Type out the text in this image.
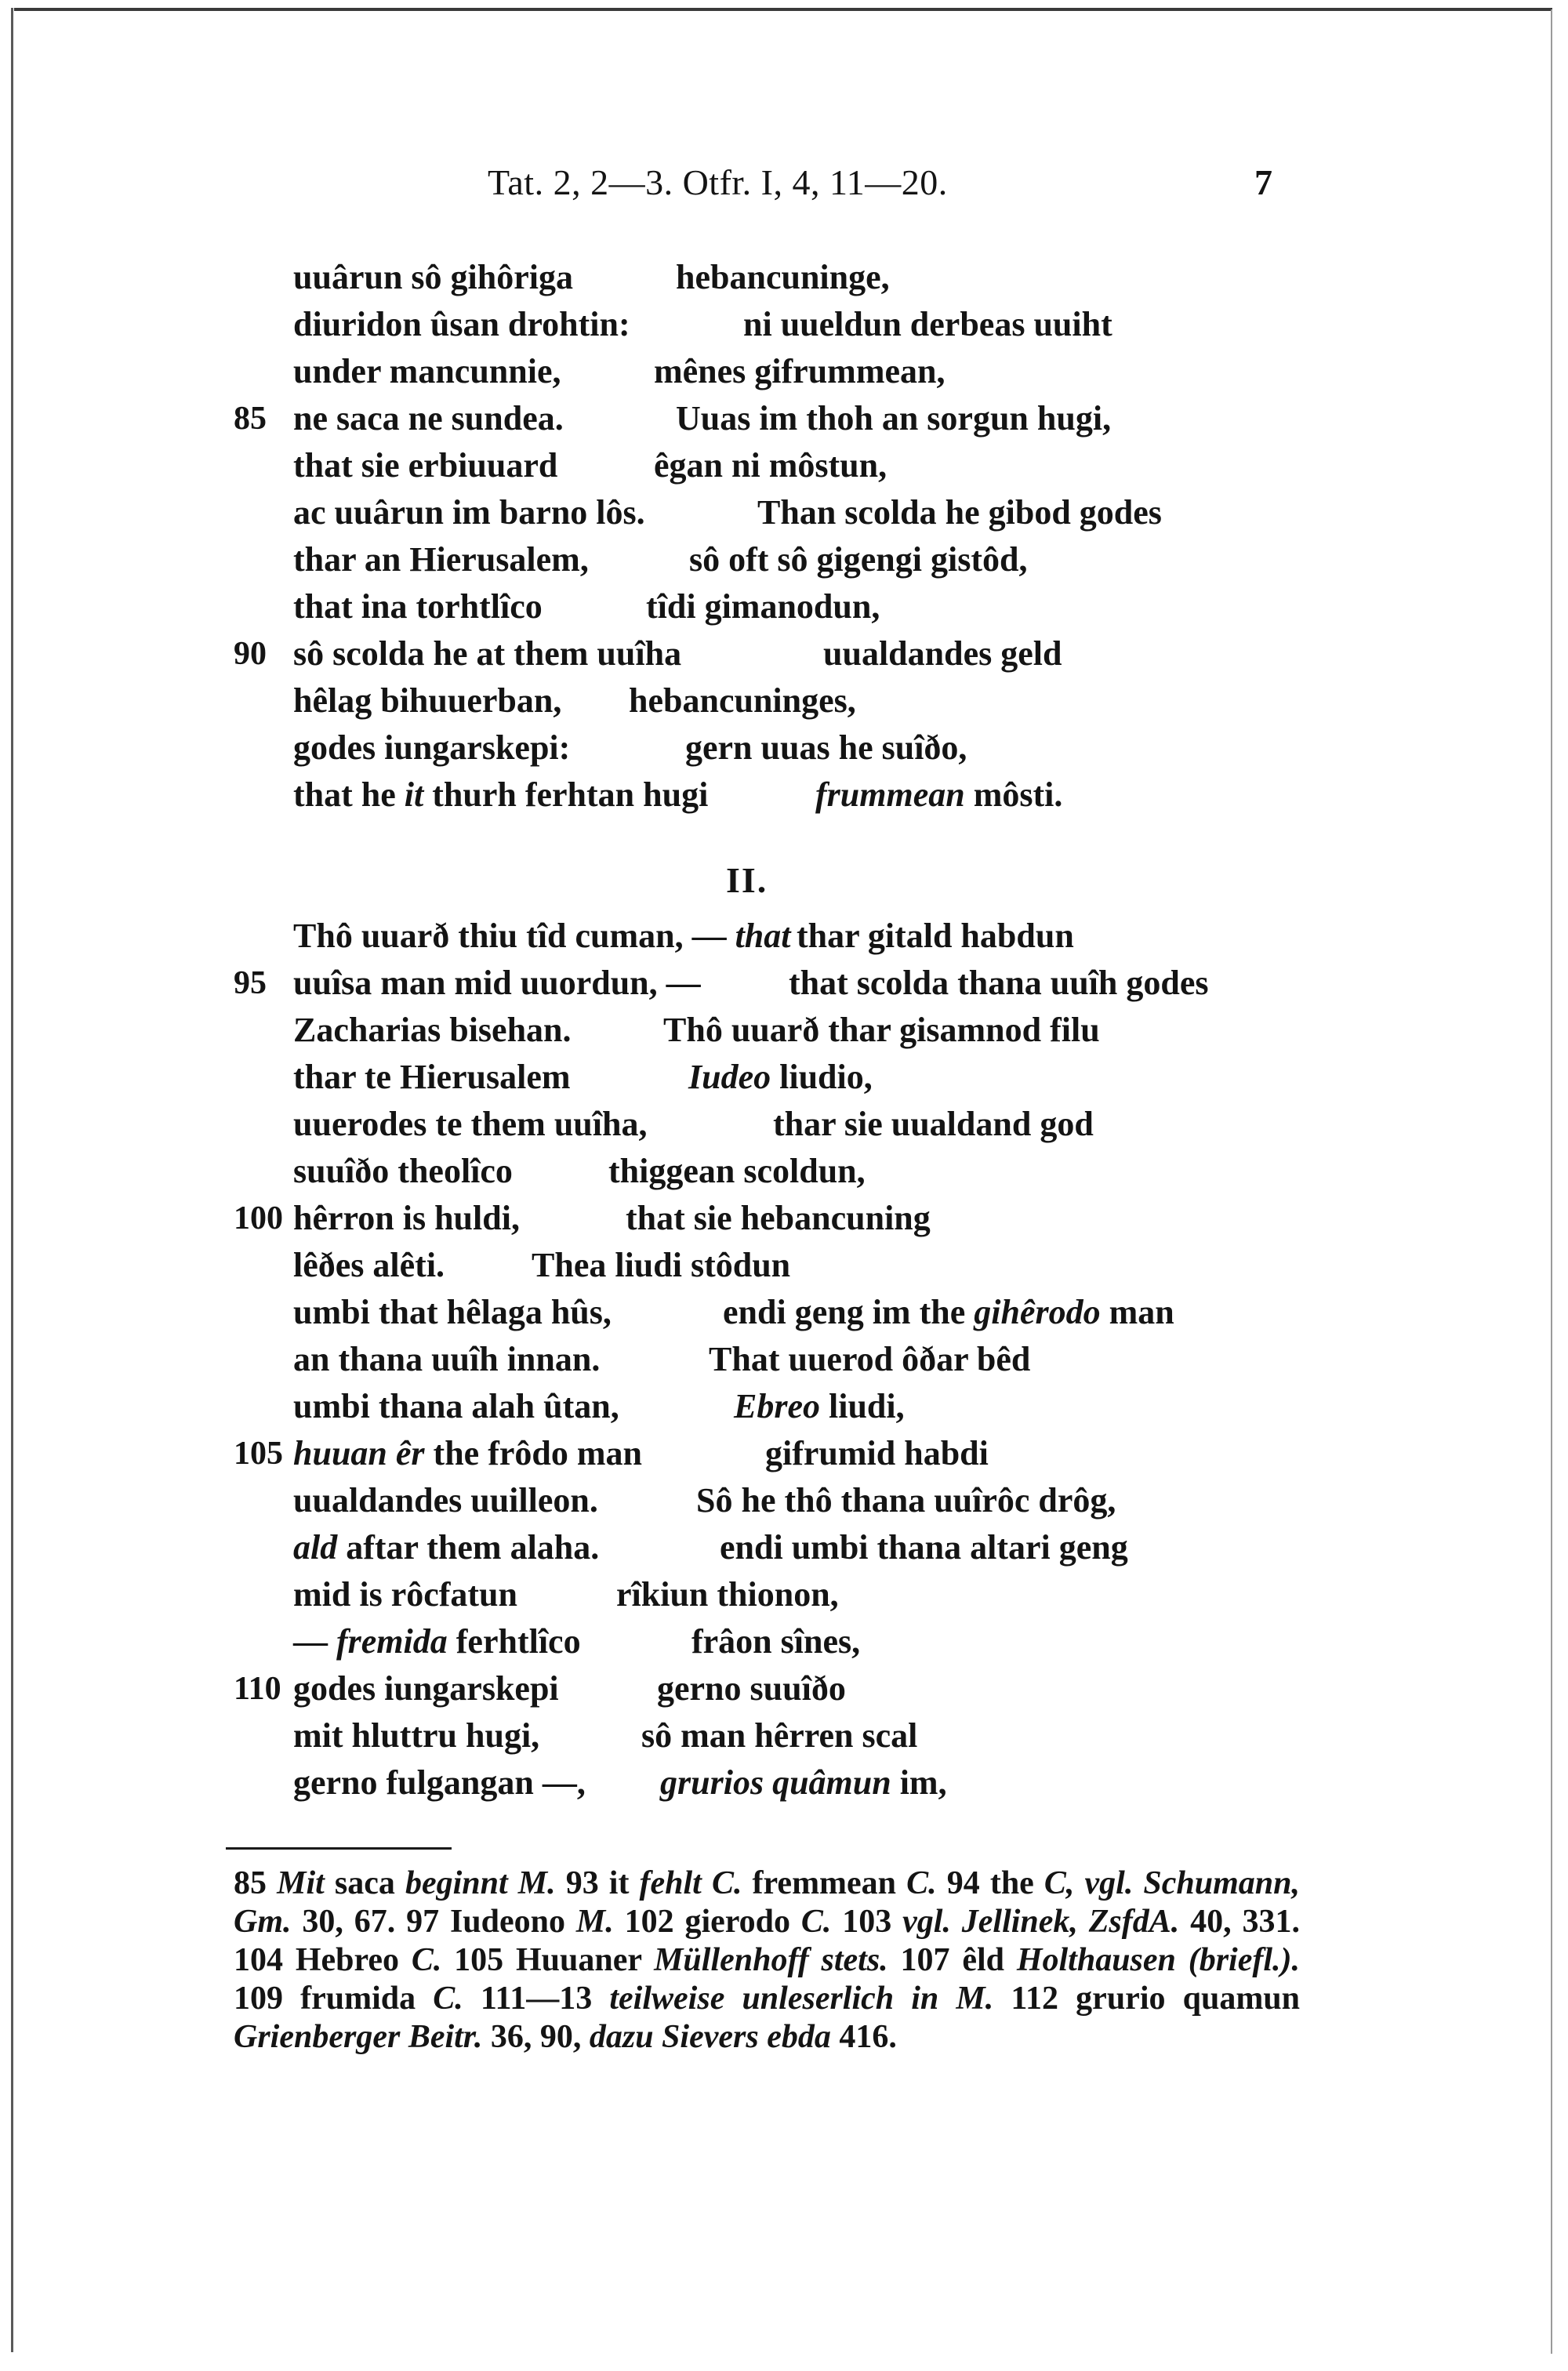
Tat. 2, 2—3. Otfr. I, 4, 11—20.	7
uuârun sô gihôriga	hebancuninge,
diuridon ûsan drohtin:	ni uueldun derbeas uuiht
under mancunnie,	mênes gifrummean,
85 ne saca ne sundea.	Uuas im thoh an sorgun hugi,
that sie erbiuuard	êgan ni môstun,
ac uuârun im barno lôs.	Than scolda he gibod godes
thar an Hierusalem,	sô oft sô gigengi gistôd,
that ina torhtlîco	tîdi gimanodun,
90 sô scolda he at them uuîha	uualdandes geld
hêlag bihuuerban, hebancuninges,
godes iungarskepi:	gern uuas he suîðo,
that he it thurh ferhtan hugi	frummean môsti.
II.
Thô uuarð thiu tîd cuman, — that thar gitald habdun
95 uuîsa man mid uuordun, —	that scolda thana uuîh godes
Zacharias bisehan.	Thô uuarð thar gisamnod filu
thar te Hierusalem	Iudeo liudio,
uuerodes te them uuîha,	thar sie uualdand god
suuîðo theolîco	thiggean scoldun,
100 hêrron is huldi,	that sie hebancuning
lêðes alêti.	Thea liudi stôdun
umbi that hêlaga hûs,	endi geng im the gihêrodo man
an thana uuîh innan.	That uuerod ôðar bêd
umbi thana alah ûtan,	Ebreo liudi,
105 huuan êr the frôdo man	gifrumid habdi
uualdandes uuilleon.	Sô he thô thana uuîrôc drôg,
ald aftar them alaha.	endi umbi thana altari geng
mid is rôcfatun	rîkiun thionon,
— fremida ferhtlîco	frâon sînes,
110 godes iungarskepi	gerno suuîðo
mit hluttru hugi,	sô man hêrren scal
gerno fulgangan —, grurios quâmun im,
85 Mit saca beginnt M. 93 it fehlt C. fremmean C. 94 the C, vgl. Schumann, Gm. 30, 67. 97 Iudeono M. 102 gierodo C. 103 vgl. Jellinek, ZsfdA. 40, 331. 104 Hebreo C. 105 Huuaner Müllenhoff stets. 107 êld Holthausen (briefl.). 109 frumida C. 111—13 teilweise unleserlich in M. 112 grurio quamun Grienberger Beitr. 36, 90, dazu Sievers ebda 416.
